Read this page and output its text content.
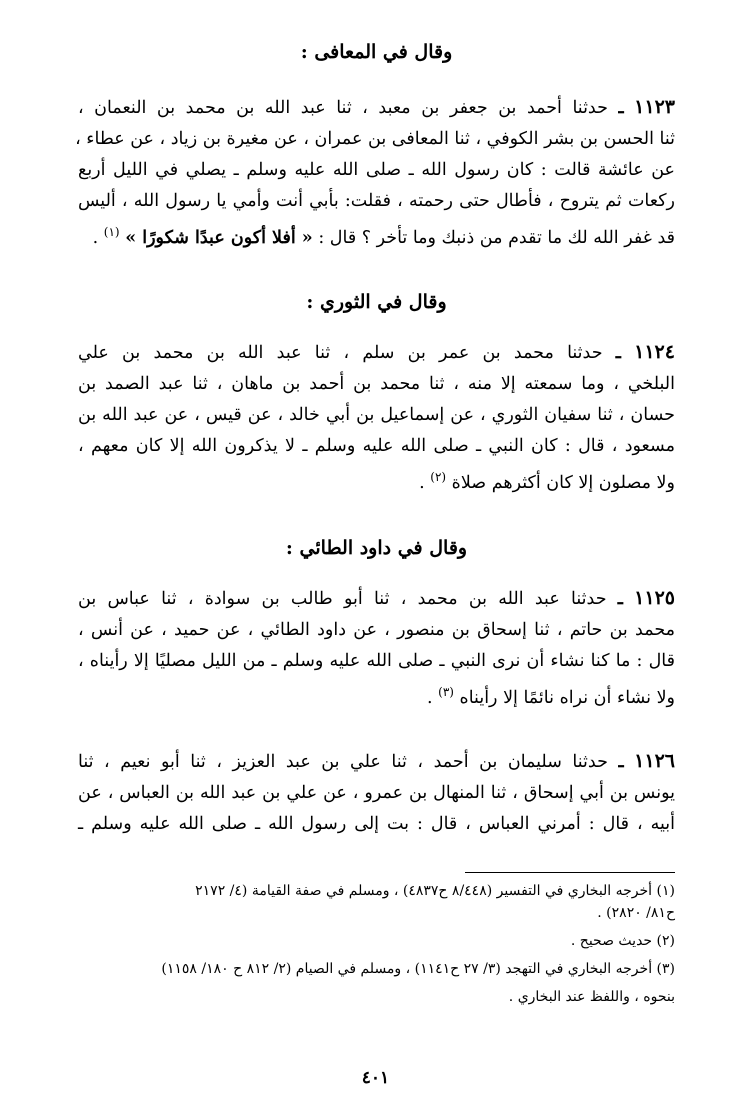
وقال في المعافى :
١١٢٣ ـ حدثنا أحمد بن جعفر بن معبد ، ثنا عبد الله بن محمد بن النعمان ،
ثنا الحسن بن بشر الكوفي ، ثنا المعافى بن عمران ، عن مغيرة بن زياد ، عن عطاء ،
عن عائشة قالت : كان رسول الله ـ صلى الله عليه وسلم ـ يصلي في الليل أربع
ركعات ثم يتروح ، فأطال حتى رحمته ، فقلت: بأبي أنت وأمي يا رسول الله ، أليس
قد غفر الله لك ما تقدم من ذنبك وما تأخر ؟ قال : « أفلا أكون عبدًا شكورًا » $^{(١)}$ .
وقال في الثوري :
١١٢٤ ـ حدثنا محمد بن عمر بن سلم ، ثنا عبد الله بن محمد بن علي
البلخي ، وما سمعته إلا منه ، ثنا محمد بن أحمد بن ماهان ، ثنا عبد الصمد بن
حسان ، ثنا سفيان الثوري ، عن إسماعيل بن أبي خالد ، عن قيس ، عن عبد الله بن
مسعود ، قال : كان النبي ـ صلى الله عليه وسلم ـ لا يذكرون الله إلا كان معهم ،
ولا مصلون إلا كان أكثرهم صلاة $^{(٢)}$ .
وقال في داود الطائي :
١١٢٥ ـ حدثنا عبد الله بن محمد ، ثنا أبو طالب بن سوادة ، ثنا عباس بن
محمد بن حاتم ، ثنا إسحاق بن منصور ، عن داود الطائي ، عن حميد ، عن أنس ،
قال : ما كنا نشاء أن نرى النبي ـ صلى الله عليه وسلم ـ من الليل مصليًا إلا رأيناه ،
ولا نشاء أن نراه نائمًا إلا رأيناه $^{(٣)}$ .
١١٢٦ ـ حدثنا سليمان بن أحمد ، ثنا علي بن عبد العزيز ، ثنا أبو نعيم ، ثنا
يونس بن أبي إسحاق ، ثنا المنهال بن عمرو ، عن علي بن عبد الله بن العباس ، عن
أبيه ، قال : أمرني العباس ، قال : بت إلى رسول الله ـ صلى الله عليه وسلم ـ
(١) أخرجه البخاري في التفسير (٨/٤٤٨ ح٤٨٣٧) ، ومسلم في صفة القيامة (٤/ ٢١٧٢
ح٨١/ ٢٨٢٠) .
(٢) حديث صحيح .
(٣) أخرجه البخاري في التهجد (٣/ ٢٧ ح١١٤١) ، ومسلم في الصيام (٢/ ٨١٢ ح ١٨٠/ ١١٥٨)
بنحوه ، واللفظ عند البخاري .
٤٠١
